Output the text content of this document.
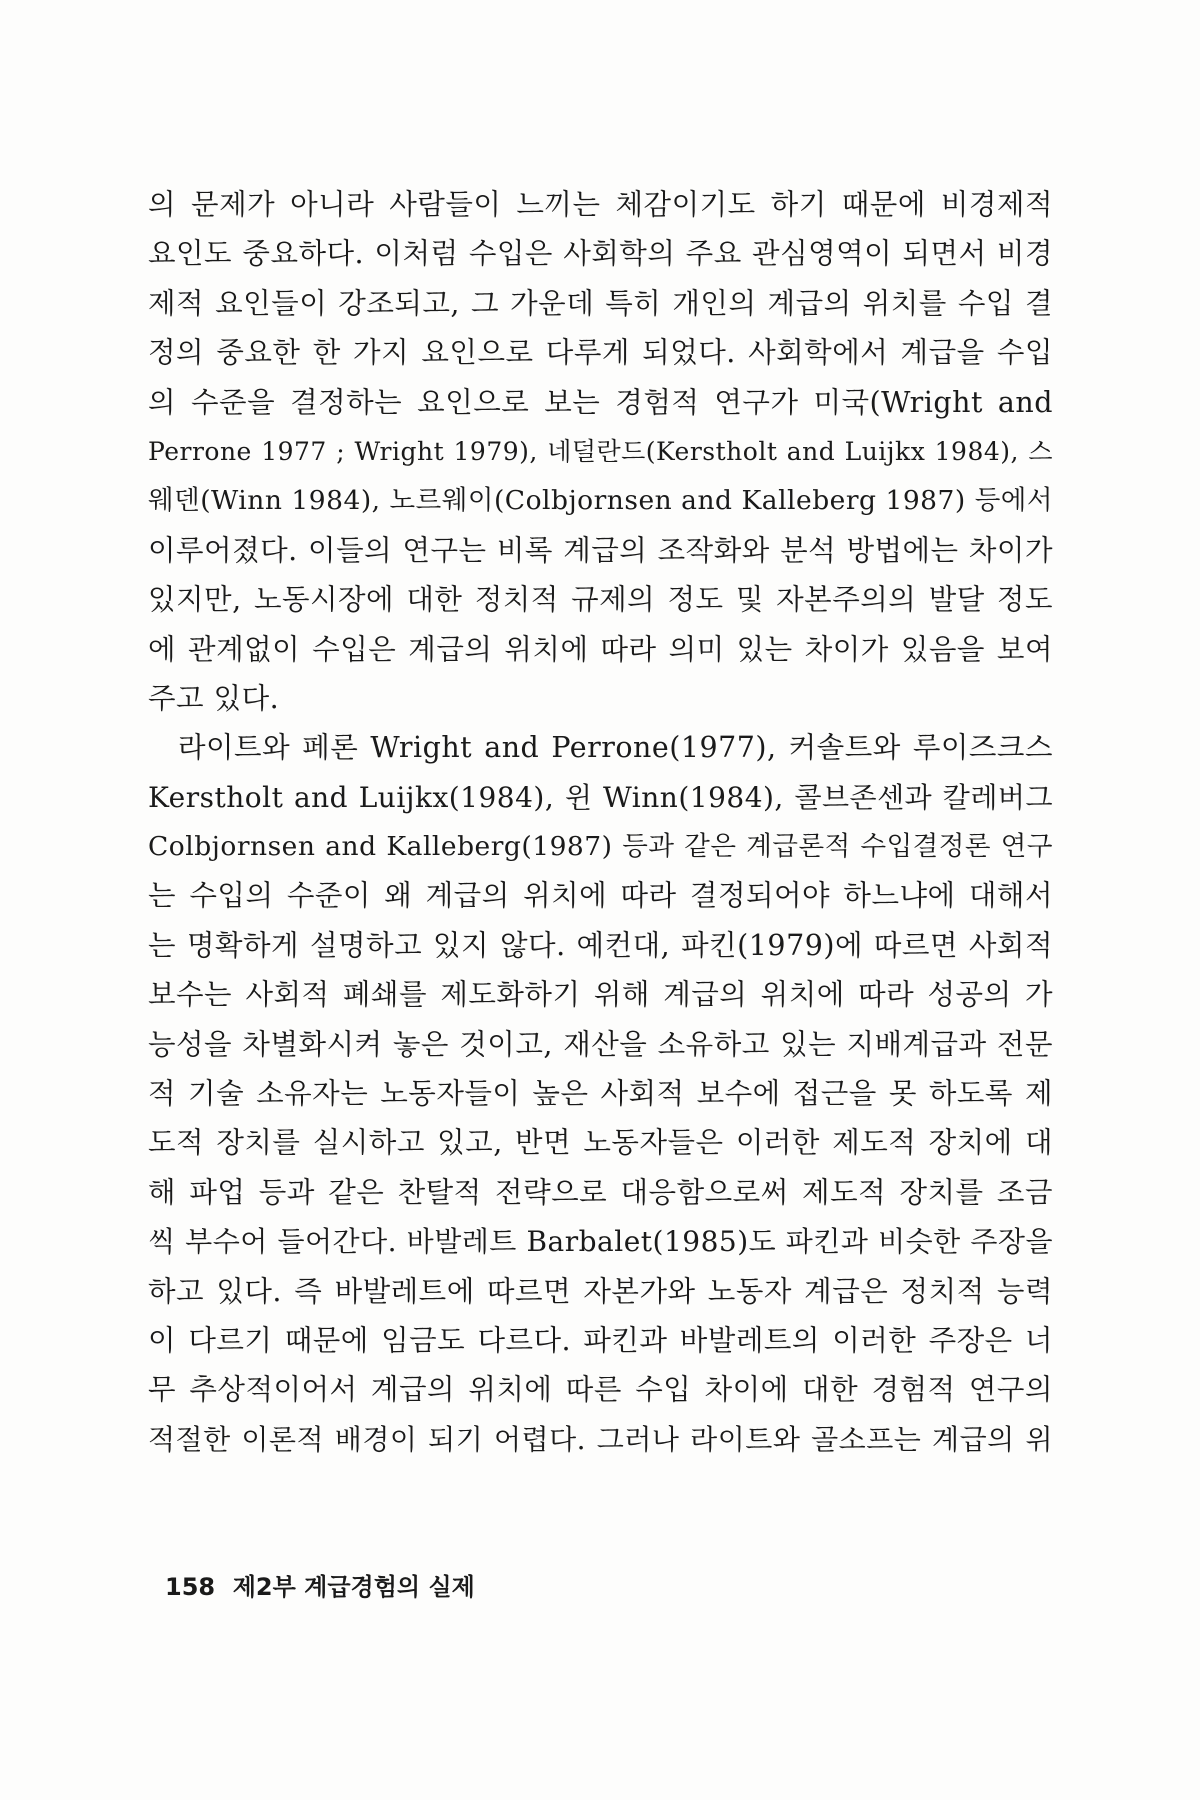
의 문제가 아니라 사람들이 느끼는 체감이기도 하기 때문에 비경제적
요인도 중요하다. 이처럼 수입은 사회학의 주요 관심영역이 되면서 비경
제적 요인들이 강조되고, 그 가운데 특히 개인의 계급의 위치를 수입 결
정의 중요한 한 가지 요인으로 다루게 되었다. 사회학에서 계급을 수입
의 수준을 결정하는 요인으로 보는 경험적 연구가 미국(Wright and
Perrone 1977 ; Wright 1979), 네덜란드(Kerstholt and Luijkx 1984), 스
웨덴(Winn 1984), 노르웨이(Colbjornsen and Kalleberg 1987) 등에서
이루어졌다. 이들의 연구는 비록 계급의 조작화와 분석 방법에는 차이가
있지만, 노동시장에 대한 정치적 규제의 정도 및 자본주의의 발달 정도
에 관계없이 수입은 계급의 위치에 따라 의미 있는 차이가 있음을 보여
주고 있다.
라이트와 페론 Wright and Perrone(1977), 커솔트와 루이즈크스
Kerstholt and Luijkx(1984), 윈 Winn(1984), 콜브존센과 칼레버그
Colbjornsen and Kalleberg(1987) 등과 같은 계급론적 수입결정론 연구
는 수입의 수준이 왜 계급의 위치에 따라 결정되어야 하느냐에 대해서
는 명확하게 설명하고 있지 않다. 예컨대, 파킨(1979)에 따르면 사회적
보수는 사회적 폐쇄를 제도화하기 위해 계급의 위치에 따라 성공의 가
능성을 차별화시켜 놓은 것이고, 재산을 소유하고 있는 지배계급과 전문
적 기술 소유자는 노동자들이 높은 사회적 보수에 접근을 못 하도록 제
도적 장치를 실시하고 있고, 반면 노동자들은 이러한 제도적 장치에 대
해 파업 등과 같은 찬탈적 전략으로 대응함으로써 제도적 장치를 조금
씩 부수어 들어간다. 바발레트 Barbalet(1985)도 파킨과 비슷한 주장을
하고 있다. 즉 바발레트에 따르면 자본가와 노동자 계급은 정치적 능력
이 다르기 때문에 임금도 다르다. 파킨과 바발레트의 이러한 주장은 너
무 추상적이어서 계급의 위치에 따른 수입 차이에 대한 경험적 연구의
적절한 이론적 배경이 되기 어렵다. 그러나 라이트와 골소프는 계급의 위
158 제2부 계급경험의 실제
